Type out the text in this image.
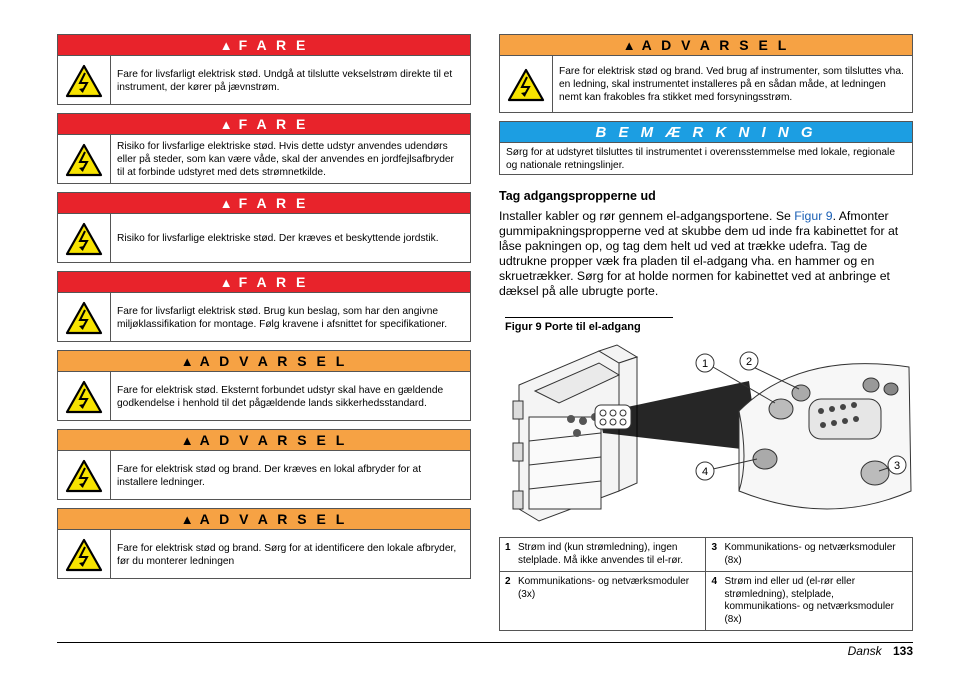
▲ F A R E
Fare for livsfarligt elektrisk stød. Undgå at tilslutte vekselstrøm direkte til et instrument, der kører på jævnstrøm.
▲ F A R E
Risiko for livsfarlige elektriske stød. Hvis dette udstyr anvendes udendørs eller på steder, som kan være våde, skal der anvendes en jordfejlsafbryder til at forbinde udstyret med dets strømnetkilde.
▲ F A R E
Risiko for livsfarlige elektriske stød. Der kræves et beskyttende jordstik.
▲ F A R E
Fare for livsfarligt elektrisk stød. Brug kun beslag, som har den angivne miljøklassifikation for montage. Følg kravene i afsnittet for specifikationer.
▲ A D V A R S E L
Fare for elektrisk stød. Eksternt forbundet udstyr skal have en gældende godkendelse i henhold til det pågældende lands sikkerhedsstandard.
▲ A D V A R S E L
Fare for elektrisk stød og brand. Der kræves en lokal afbryder for at installere ledninger.
▲ A D V A R S E L
Fare for elektrisk stød og brand. Sørg for at identificere den lokale afbryder, før du monterer ledningen
▲ A D V A R S E L
Fare for elektrisk stød og brand. Ved brug af instrumenter, som tilsluttes vha. en ledning, skal instrumentet installeres på en sådan måde, at ledningen nemt kan frakobles fra stikket med forsyningsstrøm.
B E M Æ R K N I N G
Sørg for at udstyret tilsluttes til instrumentet i overensstemmelse med lokale, regionale og nationale retningslinjer.
Tag adgangspropperne ud

Installer kabler og rør gennem el-adgangsportene. Se Figur 9. Afmonter gummipakningspropperne ved at skubbe dem ud inde fra kabinettet for at låse pakningen op, og tag dem helt ud ved at trække udefra. Tag de udtrukne propper væk fra pladen til el-adgang vha. en hammer og en skruetrækker. Sørg for at holde normen for kabinettet ved at anbringe et dæksel på alle ubrugte porte.

Figur 9 Porte til el-adgang
1	2
3
4
1	Strøm ind (kun strømledning), ingen stelplade. Må ikke anvendes til el-rør.	3	Kommunikations- og netværksmoduler (8x)
2	Kommunikations- og netværksmoduler (3x)	4	Strøm ind eller ud (el-rør eller strømledning), stelplade, kommunikations- og netværksmoduler (8x)
Dansk 133
